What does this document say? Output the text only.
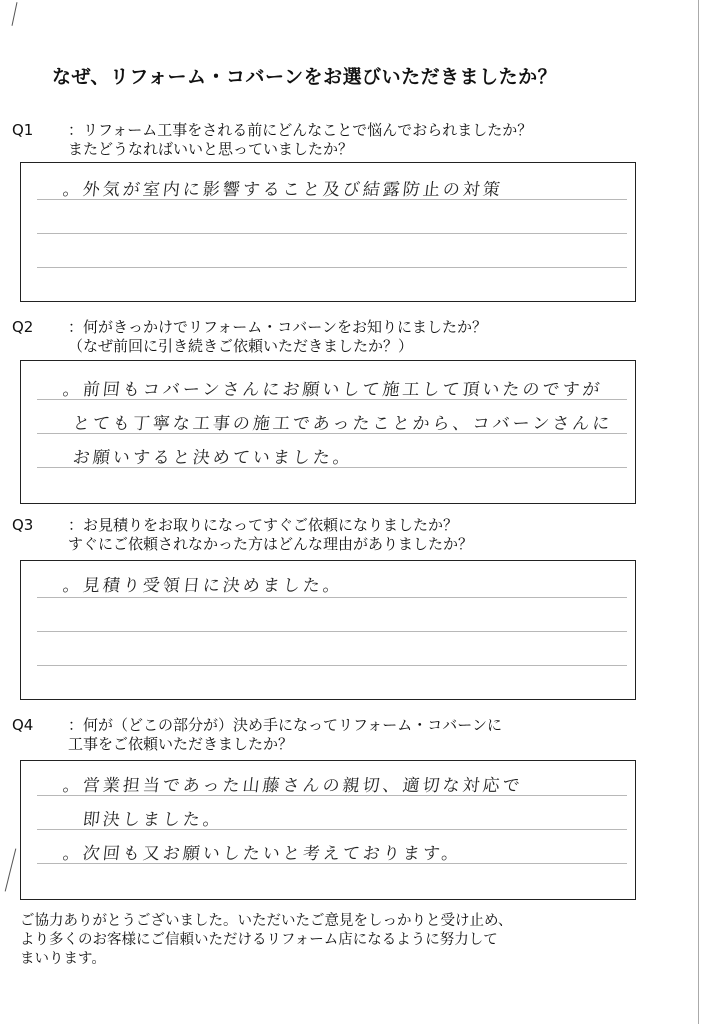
なぜ、リフォーム・コバーンをお選びいただきましたか？
Q1 ：リフォーム工事をされる前にどんなことで悩んでおられましたか？
またどうなればいいと思っていましたか？
。外気が室内に影響すること及び結露防止の対策
Q2 ：何がきっかけでリフォーム・コバーンをお知りにましたか？
（なぜ前回に引き続きご依頼いただきましたか？）
。前回もコバーンさんにお願いして施工して頂いたのですが
とても丁寧な工事の施工であったことから、コバーンさんに
お願いすると決めていました。
Q3 ：お見積りをお取りになってすぐご依頼になりましたか？
すぐにご依頼されなかった方はどんな理由がありましたか？
。見積り受領日に決めました。
Q4 ：何が（どこの部分が）決め手になってリフォーム・コバーンに
工事をご依頼いただきましたか？
。営業担当であった山藤さんの親切、適切な対応で
即決しました。
。次回も又お願いしたいと考えております。
ご協力ありがとうございました。いただいたご意見をしっかりと受け止め、
より多くのお客様にご信頼いただけるリフォーム店になるように努力して
まいります。
